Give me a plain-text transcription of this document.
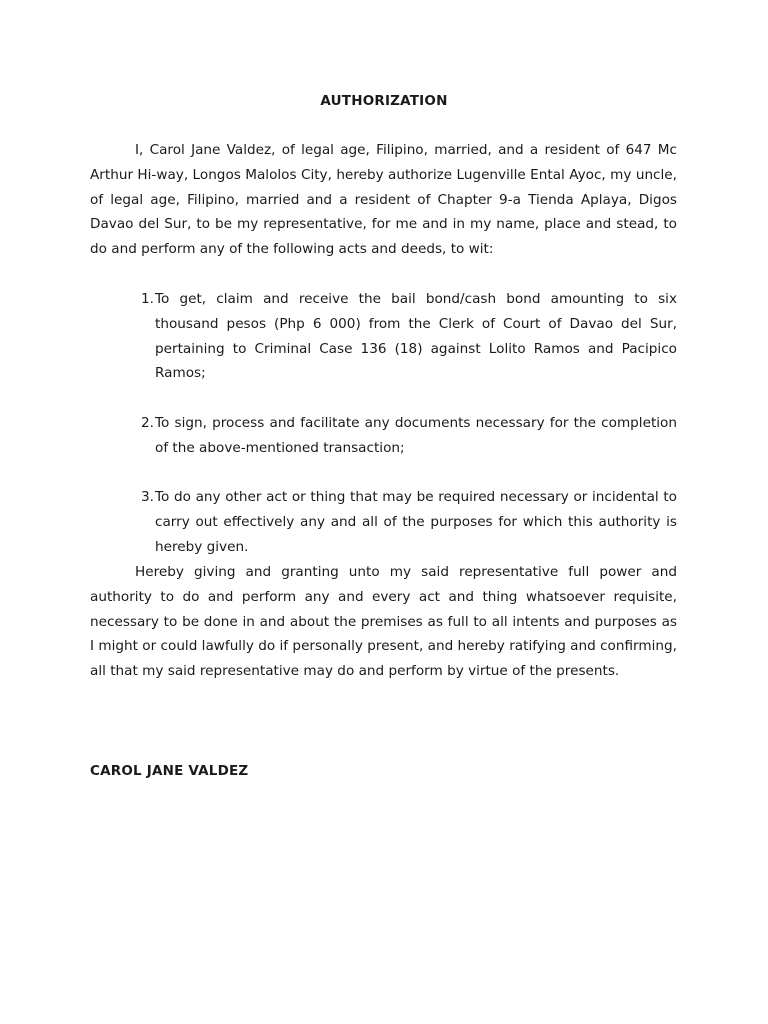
AUTHORIZATION

I, Carol Jane Valdez, of legal age, Filipino, married, and a resident of 647 Mc Arthur Hi-way, Longos Malolos City, hereby authorize Lugenville Ental Ayoc, my uncle, of legal age, Filipino, married and a resident of Chapter 9-a Tienda Aplaya, Digos Davao del Sur, to be my representative, for me and in my name, place and stead, to do and perform any of the following acts and deeds, to wit:

1. To get, claim and receive the bail bond/cash bond amounting to six thousand pesos (Php 6 000) from the Clerk of Court of Davao del Sur, pertaining to Criminal Case 136 (18) against Lolito Ramos and Pacipico Ramos;
2. To sign, process and facilitate any documents necessary for the completion of the above-mentioned transaction;
3. To do any other act or thing that may be required necessary or incidental to carry out effectively any and all of the purposes for which this authority is hereby given.

Hereby giving and granting unto my said representative full power and authority to do and perform any and every act and thing whatsoever requisite, necessary to be done in and about the premises as full to all intents and purposes as I might or could lawfully do if personally present, and hereby ratifying and confirming, all that my said representative may do and perform by virtue of the presents.

CAROL JANE VALDEZ
